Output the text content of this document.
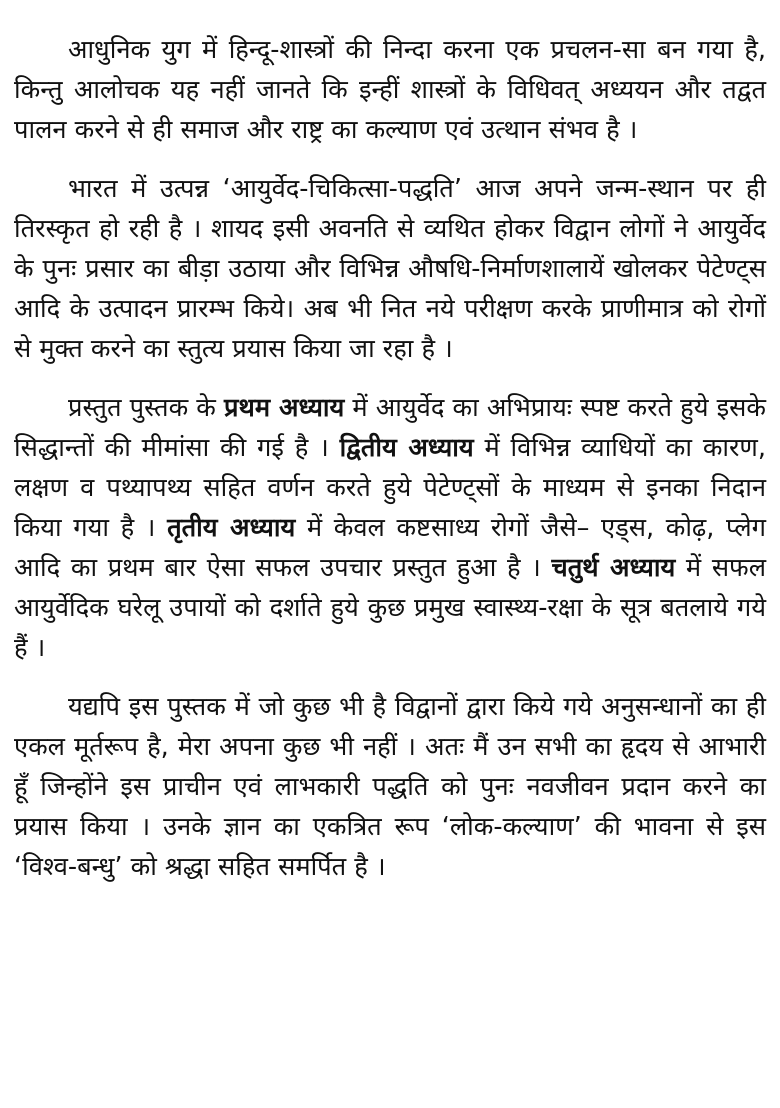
आधुनिक युग में हिन्दू-शास्त्रों की निन्दा करना एक प्रचलन-सा बन गया है, किन्तु आलोचक यह नहीं जानते कि इन्हीं शास्त्रों के विधिवत् अध्ययन और तद्वत पालन करने से ही समाज और राष्ट्र का कल्याण एवं उत्थान संभव है ।

भारत में उत्पन्न ‘आयुर्वेद-चिकित्सा-पद्धति’ आज अपने जन्म-स्थान पर ही तिरस्कृत हो रही है । शायद इसी अवनति से व्यथित होकर विद्वान लोगों ने आयुर्वेद के पुनः प्रसार का बीड़ा उठाया और विभिन्न औषधि-निर्माणशालायें खोलकर पेटेण्ट्स आदि के उत्पादन प्रारम्भ किये। अब भी नित नये परीक्षण करके प्राणीमात्र को रोगों से मुक्त करने का स्तुत्य प्रयास किया जा रहा है ।

प्रस्तुत पुस्तक के प्रथम अध्याय में आयुर्वेद का अभिप्रायः स्पष्ट करते हुये इसके सिद्धान्तों की मीमांसा की गई है । द्वितीय अध्याय में विभिन्न व्याधियों का कारण, लक्षण व पथ्यापथ्य सहित वर्णन करते हुये पेटेण्ट्सों के माध्यम से इनका निदान किया गया है । तृतीय अध्याय में केवल कष्टसाध्य रोगों जैसे– एड्स, कोढ़, प्लेग आदि का प्रथम बार ऐसा सफल उपचार प्रस्तुत हुआ है । चतुर्थ अध्याय में सफल आयुर्वेदिक घरेलू उपायों को दर्शाते हुये कुछ प्रमुख स्वास्थ्य-रक्षा के सूत्र बतलाये गये हैं ।

यद्यपि इस पुस्तक में जो कुछ भी है विद्वानों द्वारा किये गये अनुसन्धानों का ही एकल मूर्तरूप है, मेरा अपना कुछ भी नहीं । अतः मैं उन सभी का हृदय से आभारी हूँ जिन्होंने इस प्राचीन एवं लाभकारी पद्धति को पुनः नवजीवन प्रदान करने का प्रयास किया । उनके ज्ञान का एकत्रित रूप ‘लोक-कल्याण’ की भावना से इस ‘विश्व-बन्धु’ को श्रद्धा सहित समर्पित है ।
